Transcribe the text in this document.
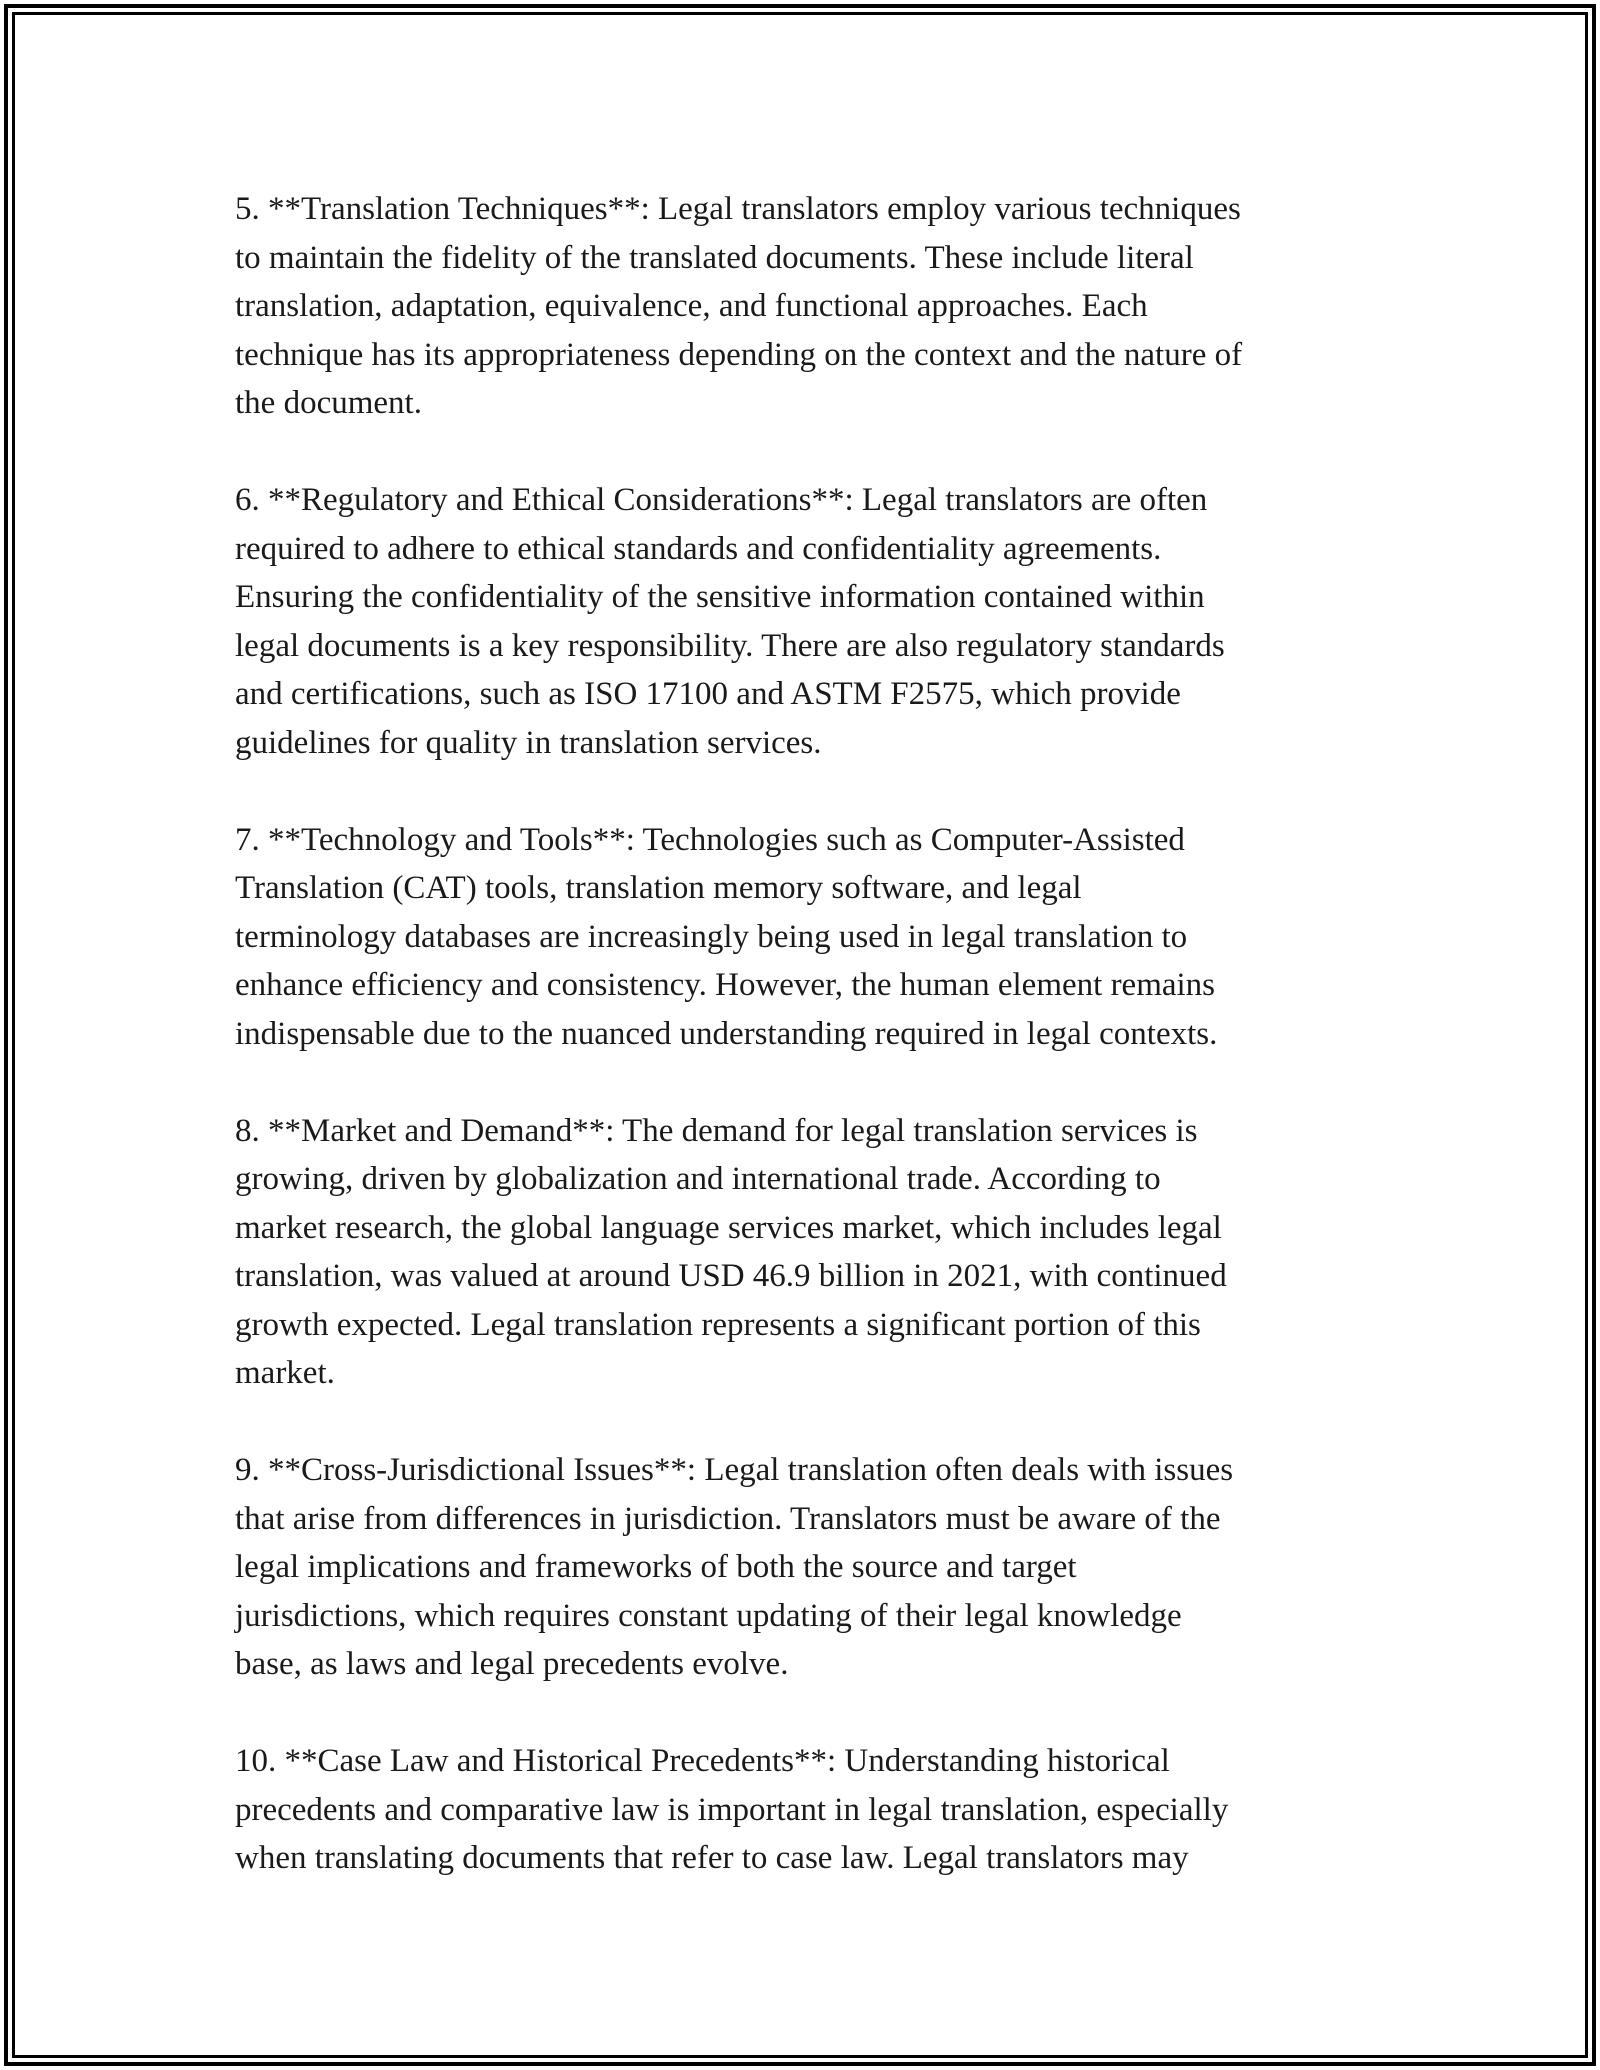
5. **Translation Techniques**: Legal translators employ various techniques
to maintain the fidelity of the translated documents. These include literal
translation, adaptation, equivalence, and functional approaches. Each
technique has its appropriateness depending on the context and the nature of
the document.

6. **Regulatory and Ethical Considerations**: Legal translators are often
required to adhere to ethical standards and confidentiality agreements.
Ensuring the confidentiality of the sensitive information contained within
legal documents is a key responsibility. There are also regulatory standards
and certifications, such as ISO 17100 and ASTM F2575, which provide
guidelines for quality in translation services.

7. **Technology and Tools**: Technologies such as Computer-Assisted
Translation (CAT) tools, translation memory software, and legal
terminology databases are increasingly being used in legal translation to
enhance efficiency and consistency. However, the human element remains
indispensable due to the nuanced understanding required in legal contexts.

8. **Market and Demand**: The demand for legal translation services is
growing, driven by globalization and international trade. According to
market research, the global language services market, which includes legal
translation, was valued at around USD 46.9 billion in 2021, with continued
growth expected. Legal translation represents a significant portion of this
market.

9. **Cross-Jurisdictional Issues**: Legal translation often deals with issues
that arise from differences in jurisdiction. Translators must be aware of the
legal implications and frameworks of both the source and target
jurisdictions, which requires constant updating of their legal knowledge
base, as laws and legal precedents evolve.

10. **Case Law and Historical Precedents**: Understanding historical
precedents and comparative law is important in legal translation, especially
when translating documents that refer to case law. Legal translators may
